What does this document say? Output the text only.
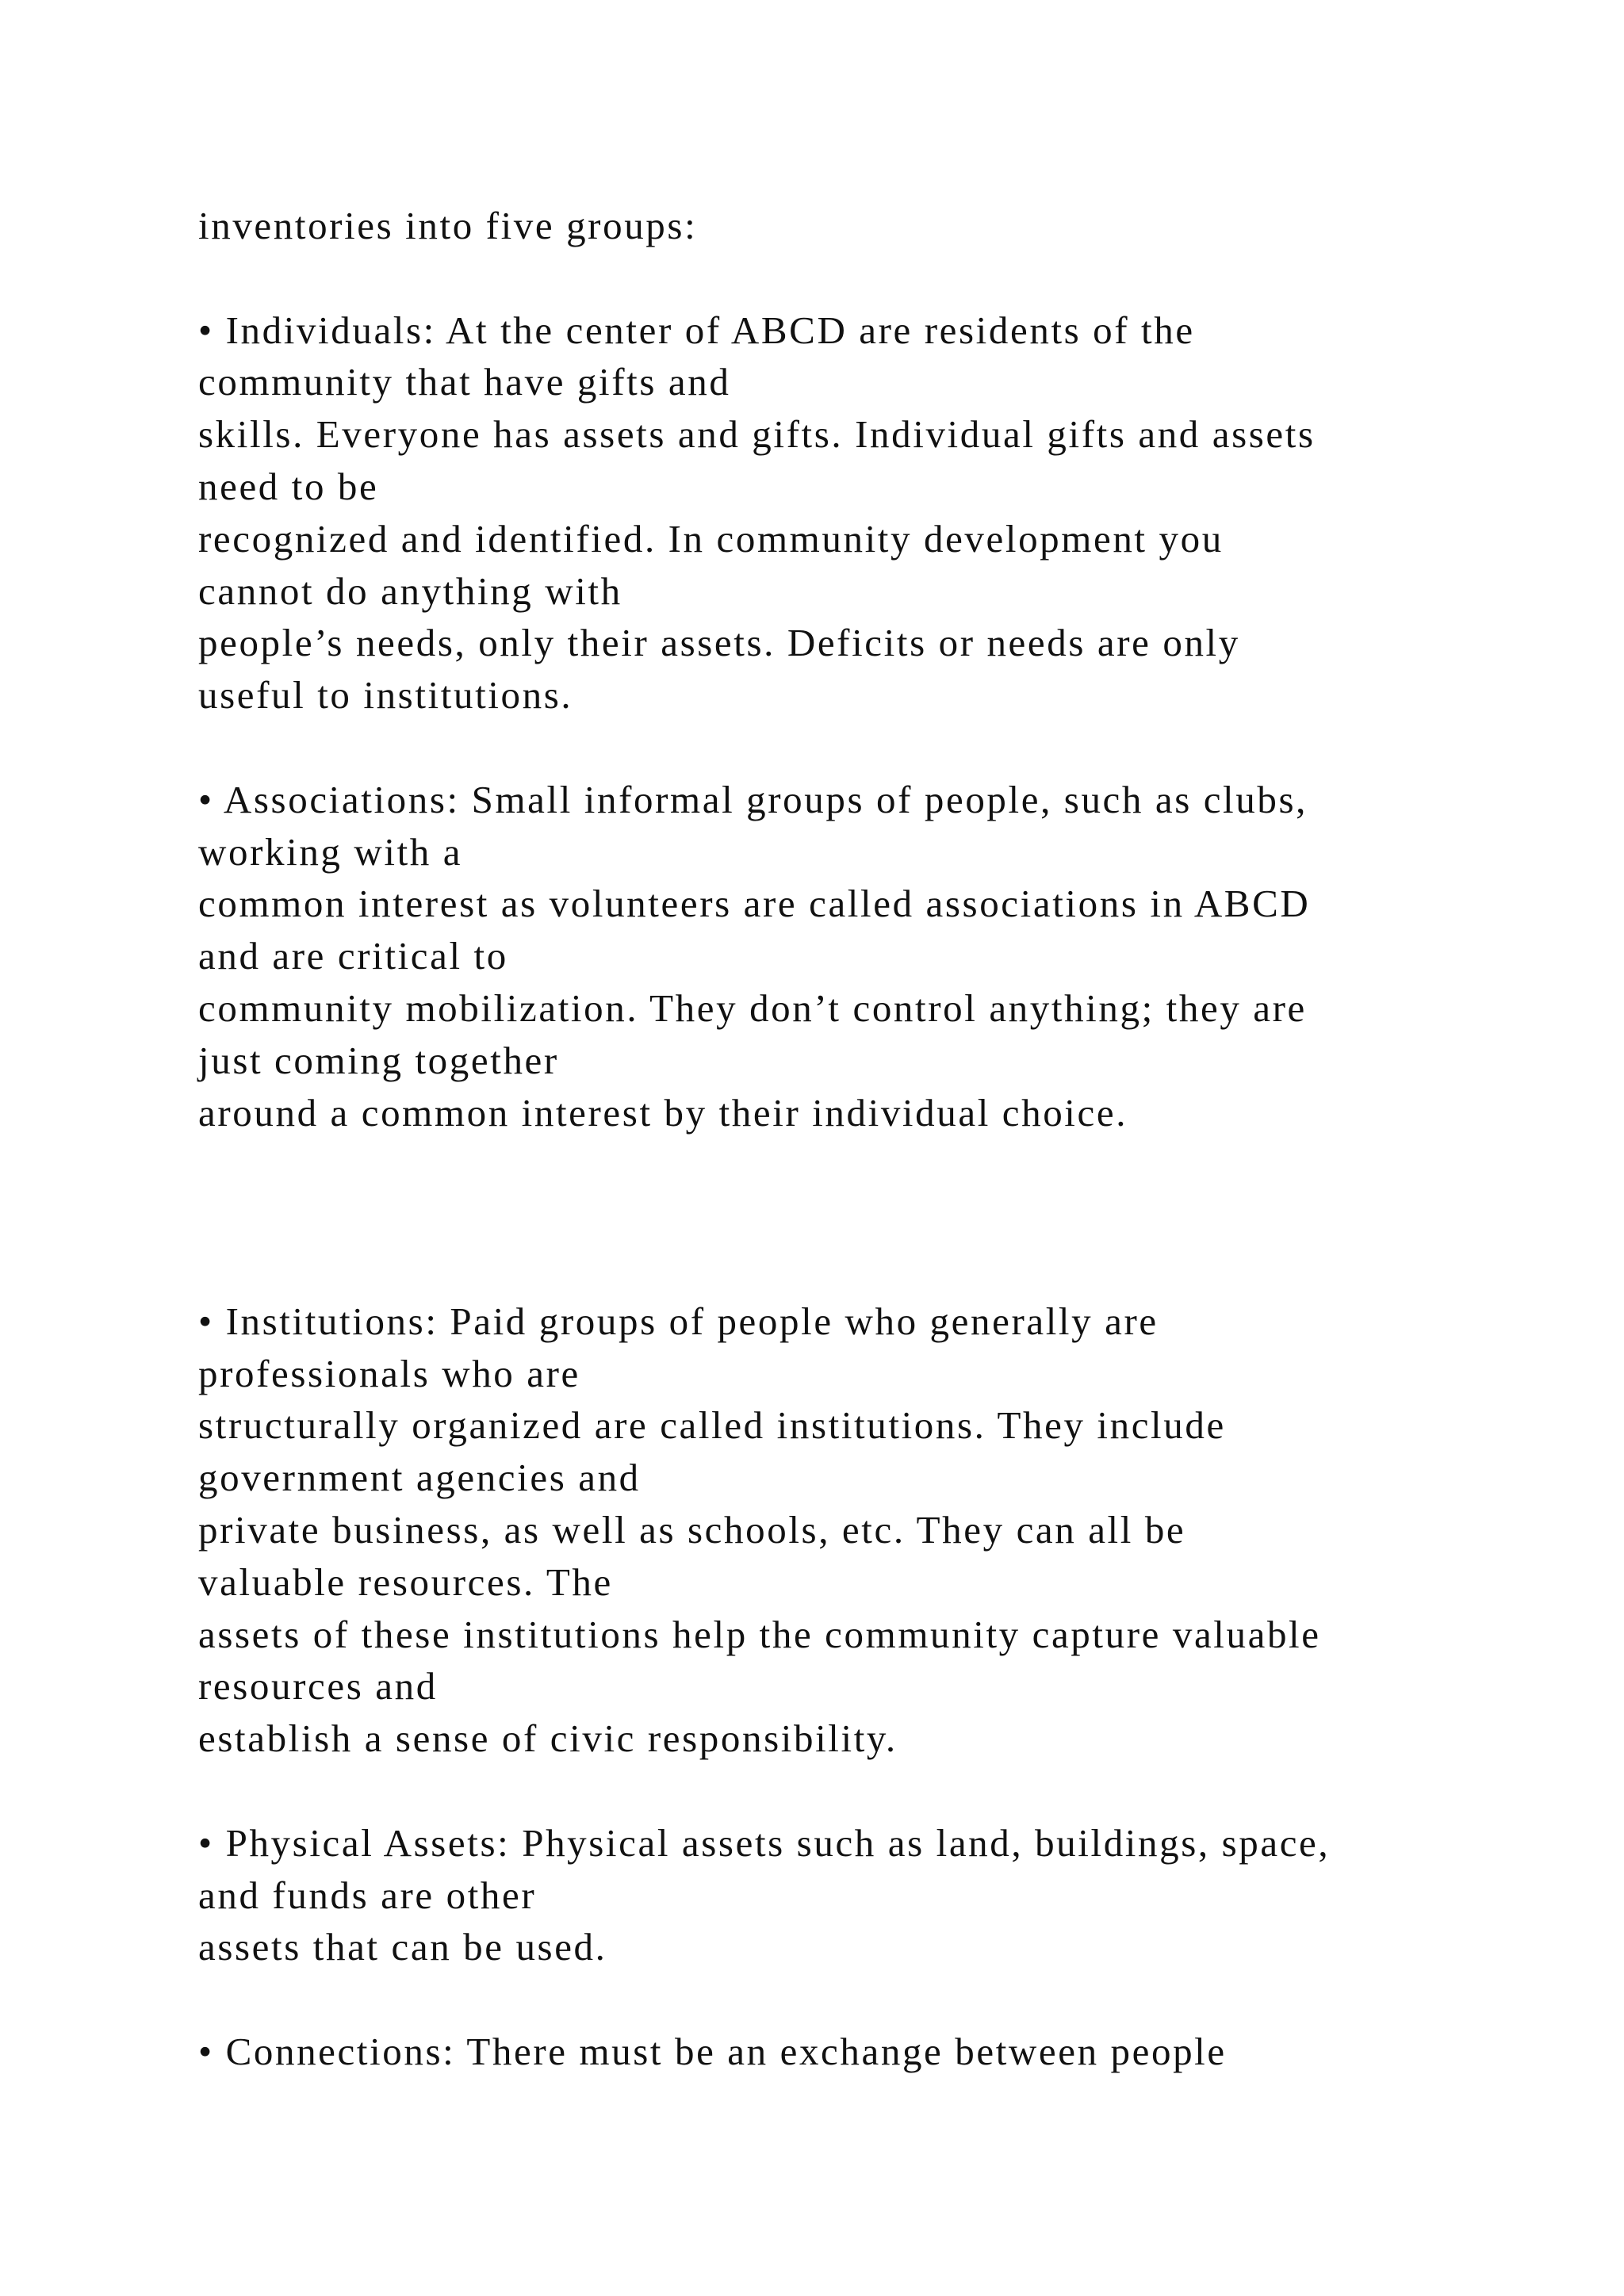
inventories into five groups:
• Individuals: At the center of ABCD are residents of the
community that have gifts and
skills. Everyone has assets and gifts. Individual gifts and assets
need to be
recognized and identified. In community development you
cannot do anything with
people’s needs, only their assets. Deficits or needs are only
useful to institutions.
• Associations: Small informal groups of people, such as clubs,
working with a
common interest as volunteers are called associations in ABCD
and are critical to
community mobilization. They don’t control anything; they are
just coming together
around a common interest by their individual choice.
• Institutions: Paid groups of people who generally are
professionals who are
structurally organized are called institutions. They include
government agencies and
private business, as well as schools, etc. They can all be
valuable resources. The
assets of these institutions help the community capture valuable
resources and
establish a sense of civic responsibility.
• Physical Assets: Physical assets such as land, buildings, space,
and funds are other
assets that can be used.
• Connections: There must be an exchange between people
